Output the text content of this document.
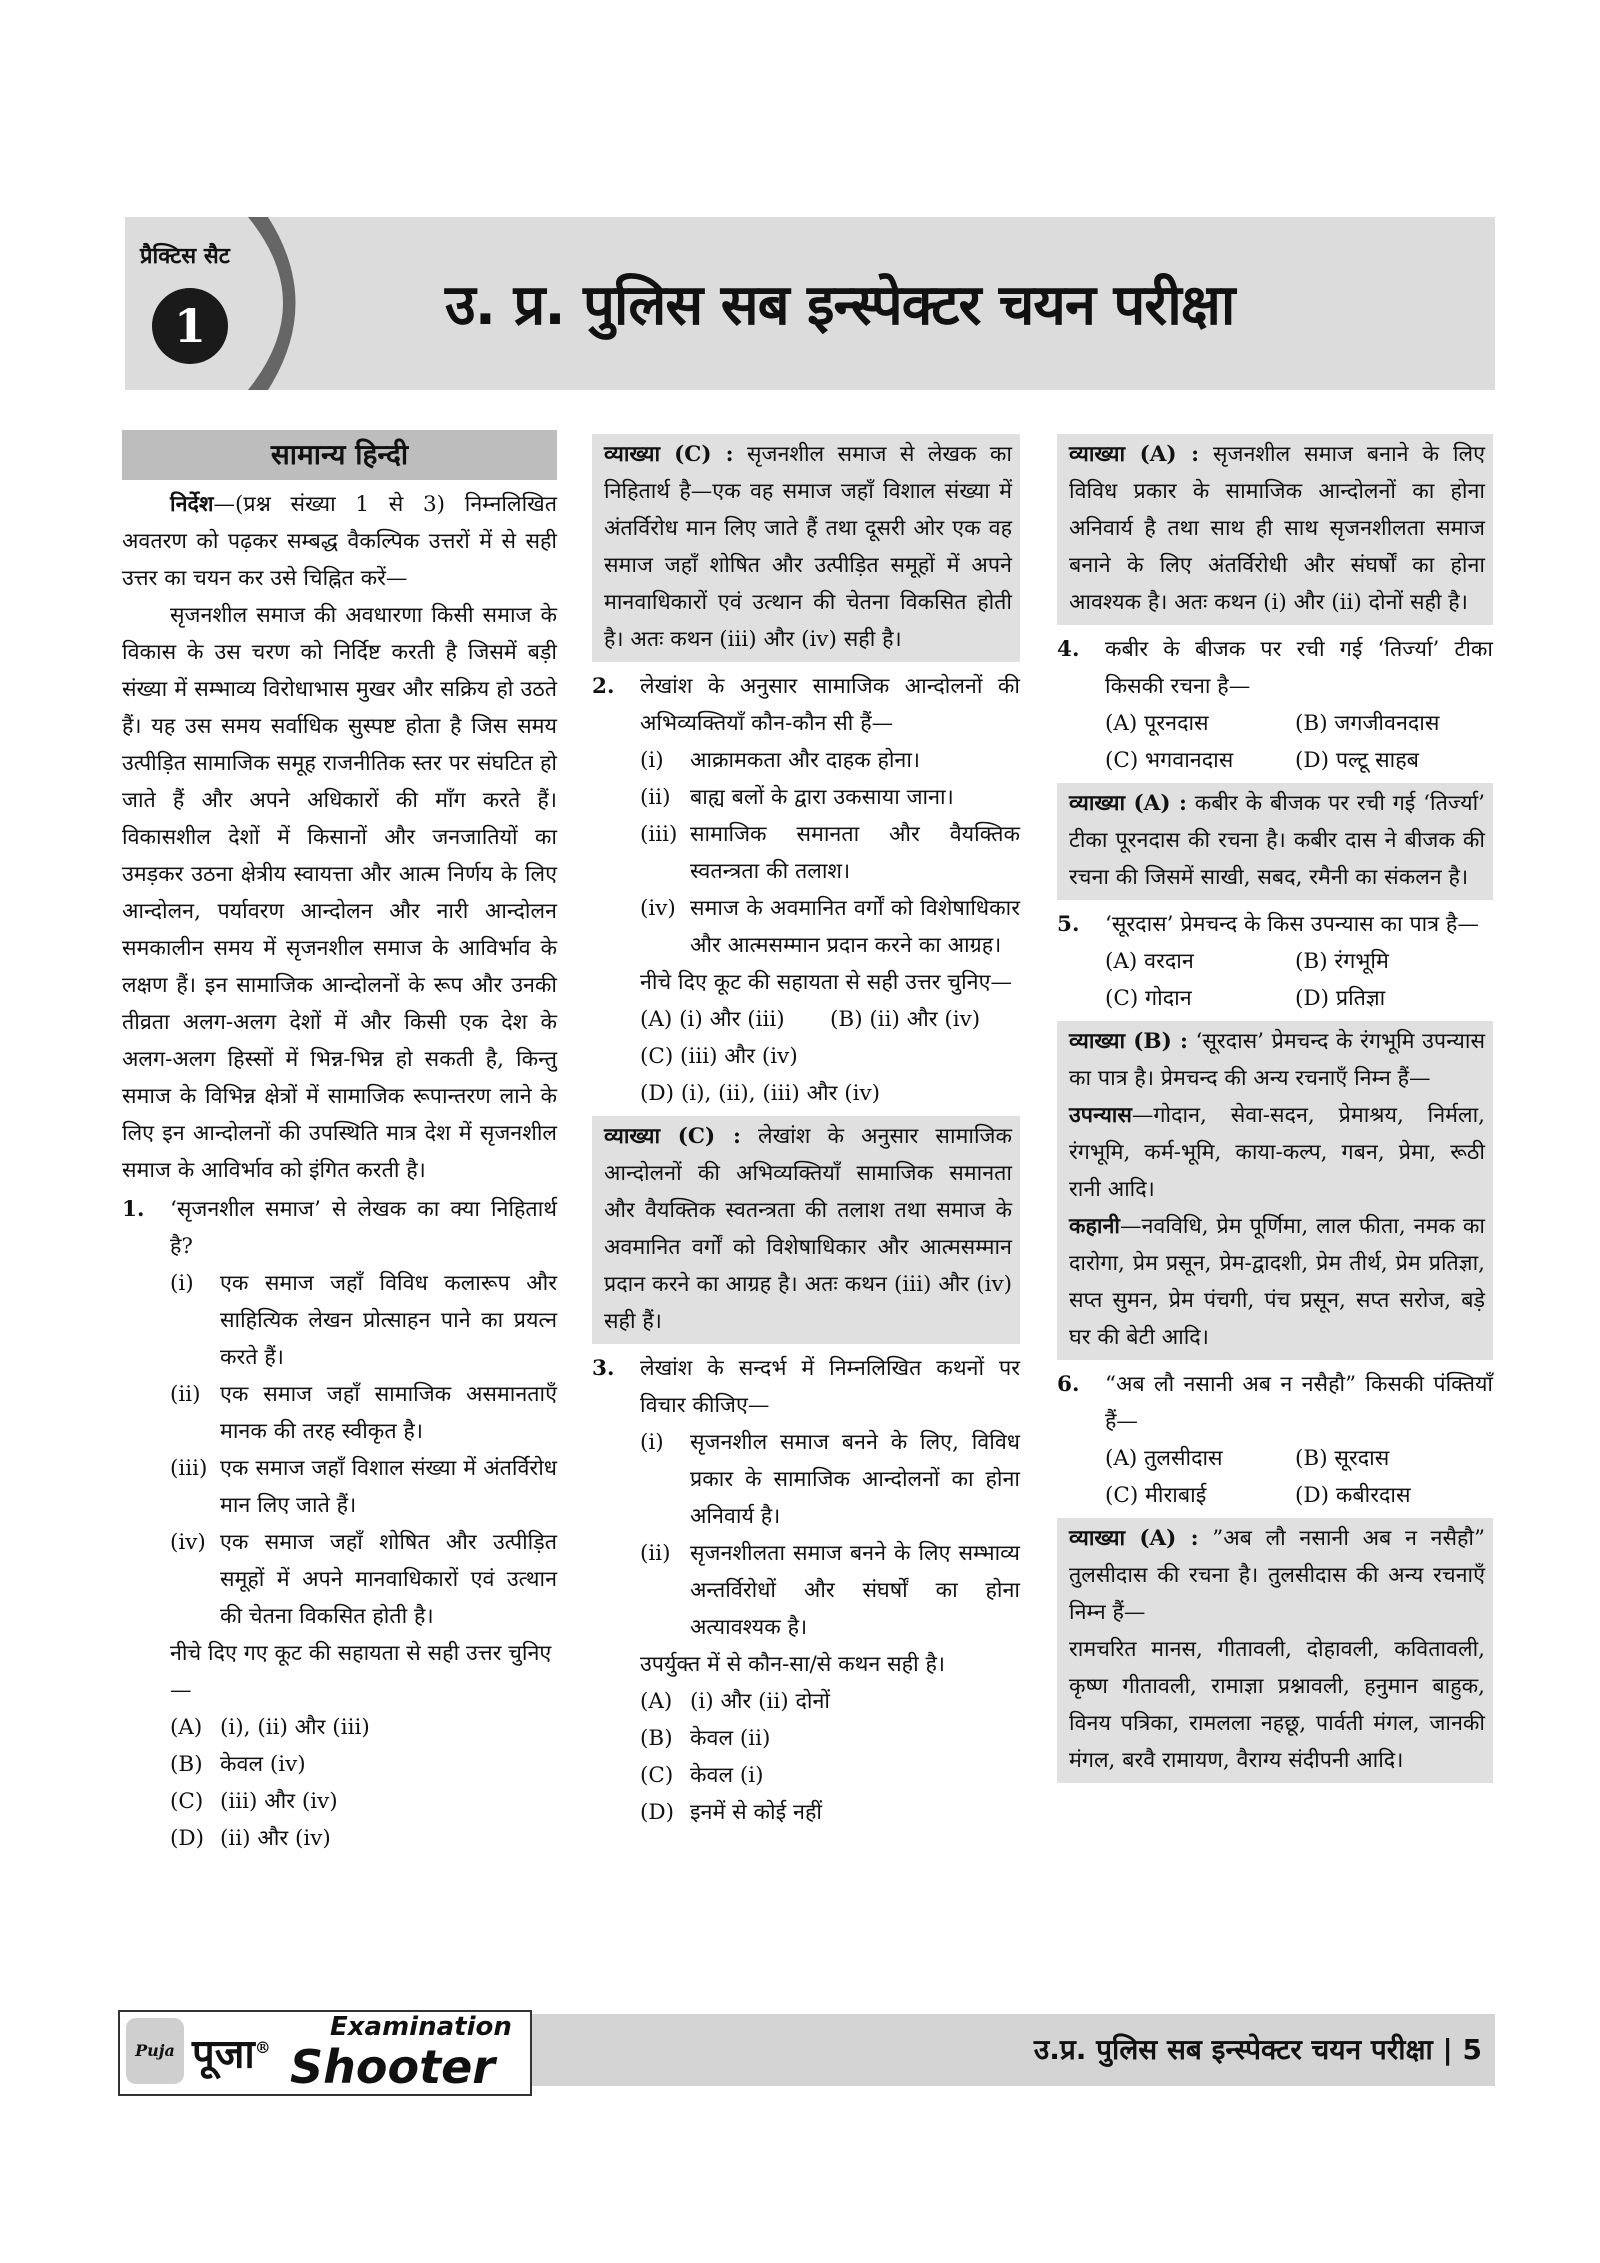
प्रैक्टिस सैट
1	उ. प्र. पुलिस सब इन्स्पेक्टर चयन परीक्षा
सामान्य हिन्दी

निर्देश—(प्रश्न संख्या 1 से 3) निम्नलिखित अवतरण को पढ़कर सम्बद्ध वैकल्पिक उत्तरों में से सही उत्तर का चयन कर उसे चिह्नित करें—

सृजनशील समाज की अवधारणा किसी समाज के विकास के उस चरण को निर्दिष्ट करती है जिसमें बड़ी संख्या में सम्भाव्य विरोधाभास मुखर और सक्रिय हो उठते हैं। यह उस समय सर्वाधिक सुस्पष्ट होता है जिस समय उत्पीड़ित सामाजिक समूह राजनीतिक स्तर पर संघटित हो जाते हैं और अपने अधिकारों की माँग करते हैं। विकासशील देशों में किसानों और जनजातियों का उमड़कर उठना क्षेत्रीय स्वायत्ता और आत्म निर्णय के लिए आन्दोलन, पर्यावरण आन्दोलन और नारी आन्दोलन समकालीन समय में सृजनशील समाज के आविर्भाव के लक्षण हैं। इन सामाजिक आन्दोलनों के रूप और उनकी तीव्रता अलग-अलग देशों में और किसी एक देश के अलग-अलग हिस्सों में भिन्न-भिन्न हो सकती है, किन्तु समाज के विभिन्न क्षेत्रों में सामाजिक रूपान्तरण लाने के लिए इन आन्दोलनों की उपस्थिति मात्र देश में सृजनशील समाज के आविर्भाव को इंगित करती है।

1.	‘सृजनशील समाज’ से लेखक का क्या निहितार्थ है?
(i)	एक समाज जहाँ विविध कलारूप और साहित्यिक लेखन प्रोत्साहन पाने का प्रयत्न करते हैं।
(ii) एक समाज जहाँ सामाजिक असमानताएँ मानक की तरह स्वीकृत है।
(iii) एक समाज जहाँ विशाल संख्या में अंतर्विरोध मान लिए जाते हैं।
(iv) एक समाज जहाँ शोषित और उत्पीड़ित समूहों में अपने मानवाधिकारों एवं उत्थान की चेतना विकसित होती है।
नीचे दिए गए कूट की सहायता से सही उत्तर चुनिए—
(A) (i), (ii) और (iii)
(B) केवल (iv)
(C) (iii) और (iv)
(D) (ii) और (iv)

व्याख्या (C) : सृजनशील समाज से लेखक का निहितार्थ है—एक वह समाज जहाँ विशाल संख्या में अंतर्विरोध मान लिए जाते हैं तथा दूसरी ओर एक वह समाज जहाँ शोषित और उत्पीड़ित समूहों में अपने मानवाधिकारों एवं उत्थान की चेतना विकसित होती है। अतः कथन (iii) और (iv) सही है।

2.	लेखांश के अनुसार सामाजिक आन्दोलनों की अभिव्यक्तियाँ कौन-कौन सी हैं—
(i)	आक्रामकता और दाहक होना।
(ii) बाह्य बलों के द्वारा उकसाया जाना।
(iii) सामाजिक समानता और वैयक्तिक स्वतन्त्रता की तलाश।
(iv) समाज के अवमानित वर्गों को विशेषाधिकार और आत्मसम्मान प्रदान करने का आग्रह।
नीचे दिए कूट की सहायता से सही उत्तर चुनिए—
(A) (i) और (iii)	(B) (ii) और (iv)
(C) (iii) और (iv)
(D) (i), (ii), (iii) और (iv)

व्याख्या (C) : लेखांश के अनुसार सामाजिक आन्दोलनों की अभिव्यक्तियाँ सामाजिक समानता और वैयक्तिक स्वतन्त्रता की तलाश तथा समाज के अवमानित वर्गों को विशेषाधिकार और आत्मसम्मान प्रदान करने का आग्रह है। अतः कथन (iii) और (iv) सही हैं।

3.	लेखांश के सन्दर्भ में निम्नलिखित कथनों पर विचार कीजिए—
(i)	सृजनशील समाज बनने के लिए, विविध प्रकार के सामाजिक आन्दोलनों का होना अनिवार्य है।
(ii) सृजनशीलता समाज बनने के लिए सम्भाव्य अन्तर्विरोधों और संघर्षों का होना अत्यावश्यक है।
उपर्युक्त में से कौन-सा/से कथन सही है।
(A) (i) और (ii) दोनों
(B) केवल (ii)
(C) केवल (i)
(D) इनमें से कोई नहीं

व्याख्या (A) : सृजनशील समाज बनाने के लिए विविध प्रकार के सामाजिक आन्दोलनों का होना अनिवार्य है तथा साथ ही साथ सृजनशीलता समाज बनाने के लिए अंतर्विरोधी और संघर्षों का होना आवश्यक है। अतः कथन (i) और (ii) दोनों सही है।

4.	कबीर के बीजक पर रची गई ‘तिर्ज्या’ टीका किसकी रचना है—
(A) पूरनदास	(B) जगजीवनदास
(C) भगवानदास	(D) पल्टू साहब

व्याख्या (A) : कबीर के बीजक पर रची गई ‘तिर्ज्या’ टीका पूरनदास की रचना है। कबीर दास ने बीजक की रचना की जिसमें साखी, सबद, रमैनी का संकलन है।

5.	‘सूरदास’ प्रेमचन्द के किस उपन्यास का पात्र है—
(A) वरदान	(B) रंगभूमि
(C) गोदान	(D) प्रतिज्ञा

व्याख्या (B) : ‘सूरदास’ प्रेमचन्द के रंगभूमि उपन्यास का पात्र है। प्रेमचन्द की अन्य रचनाएँ निम्न हैं—

उपन्यास—गोदान, सेवा-सदन, प्रेमाश्रय, निर्मला, रंगभूमि, कर्म-भूमि, काया-कल्प, गबन, प्रेमा, रूठी रानी आदि।

कहानी—नवविधि, प्रेम पूर्णिमा, लाल फीता, नमक का दारोगा, प्रेम प्रसून, प्रेम-द्वादशी, प्रेम तीर्थ, प्रेम प्रतिज्ञा, सप्त सुमन, प्रेम पंचगी, पंच प्रसून, सप्त सरोज, बड़े घर की बेटी आदि।

6.	“अब लौ नसानी अब न नसैहौ” किसकी पंक्तियाँ हैं—
(A) तुलसीदास	(B) सूरदास
(C) मीराबाई	(D) कबीरदास

व्याख्या (A) : ”अब लौ नसानी अब न नसैहौ” तुलसीदास की रचना है। तुलसीदास की अन्य रचनाएँ निम्न हैं—

रामचरित मानस, गीतावली, दोहावली, कवितावली, कृष्ण गीतावली, रामाज्ञा प्रश्नावली, हनुमान बाहुक, विनय पत्रिका, रामलला नहछू, पार्वती मंगल, जानकी मंगल, बरवै रामायण, वैराग्य संदीपनी आदि।

Puja पूजा®
Examination
Shooter	उ.प्र. पुलिस सब इन्स्पेक्टर चयन परीक्षा | 5
